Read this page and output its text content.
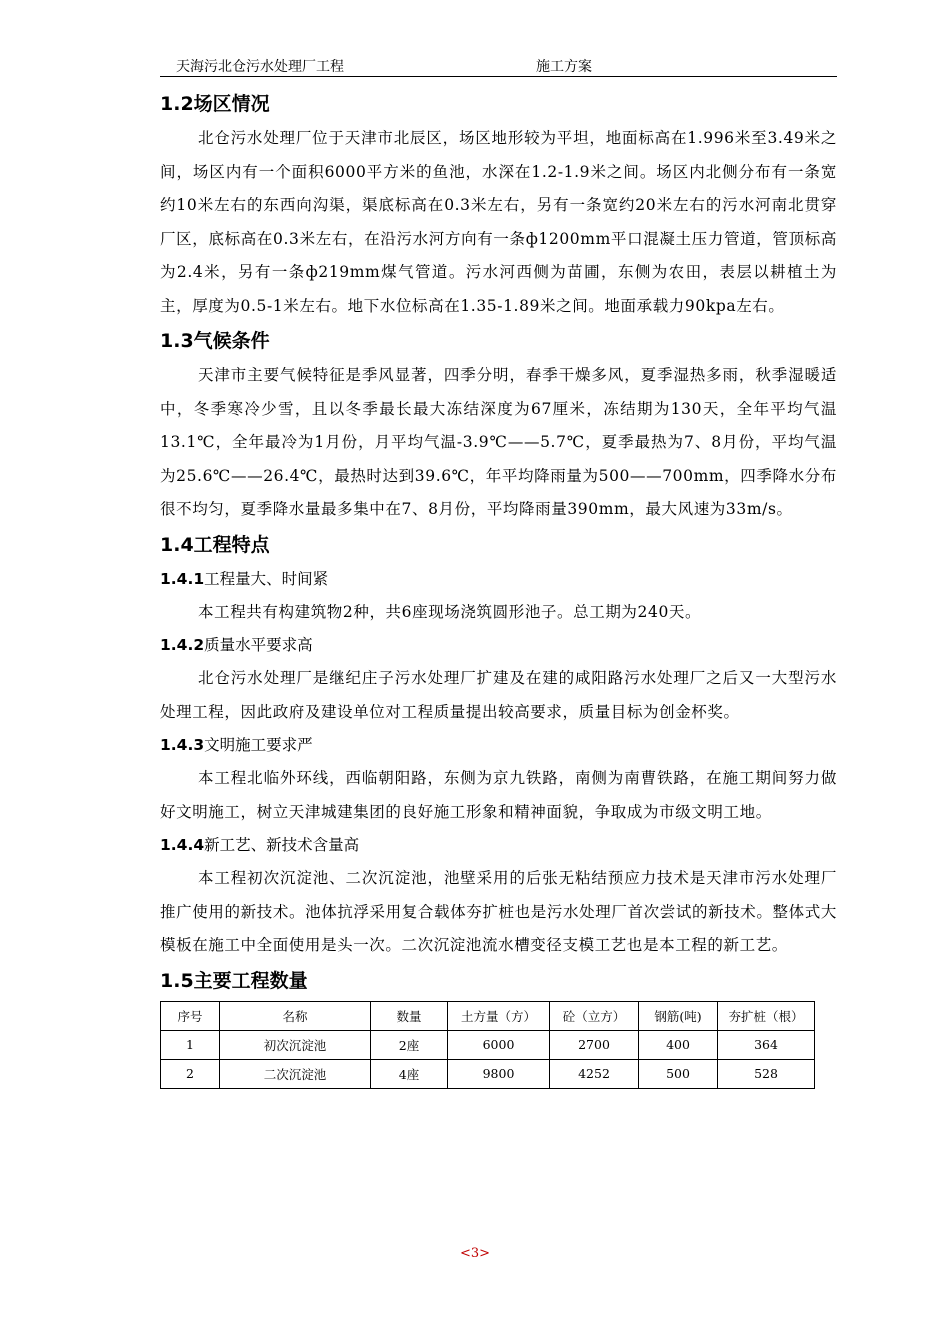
天海污北仓污水处理厂工程	施工方案
1.2场区情况

北仓污水处理厂位于天津市北辰区，场区地形较为平坦，地面标高在1.996米至3.49米之间，场区内有一个面积6000平方米的鱼池，水深在1.2-1.9米之间。场区内北侧分布有一条宽约10米左右的东西向沟渠，渠底标高在0.3米左右，另有一条宽约20米左右的污水河南北贯穿厂区，底标高在0.3米左右，在沿污水河方向有一条ф1200mm平口混凝土压力管道，管顶标高为2.4米，另有一条ф219mm煤气管道。污水河西侧为苗圃，东侧为农田，表层以耕植土为主，厚度为0.5-1米左右。地下水位标高在1.35-1.89米之间。地面承载力90kpa左右。

1.3气候条件

天津市主要气候特征是季风显著，四季分明，春季干燥多风，夏季湿热多雨，秋季湿暖适中，冬季寒冷少雪，且以冬季最长最大冻结深度为67厘米，冻结期为130天，全年平均气温13.1℃，全年最冷为1月份，月平均气温-3.9℃——5.7℃，夏季最热为7、8月份，平均气温为25.6℃——26.4℃，最热时达到39.6℃，年平均降雨量为500——700mm，四季降水分布很不均匀，夏季降水量最多集中在7、8月份，平均降雨量390mm，最大风速为33m/s。

1.4工程特点
1.4.1工程量大、时间紧

本工程共有构建筑物2种，共6座现场浇筑圆形池子。总工期为240天。

1.4.2质量水平要求高

北仓污水处理厂是继纪庄子污水处理厂扩建及在建的咸阳路污水处理厂之后又一大型污水处理工程，因此政府及建设单位对工程质量提出较高要求，质量目标为创金杯奖。

1.4.3文明施工要求严

本工程北临外环线，西临朝阳路，东侧为京九铁路，南侧为南曹铁路，在施工期间努力做好文明施工，树立天津城建集团的良好施工形象和精神面貌，争取成为市级文明工地。

1.4.4新工艺、新技术含量高

本工程初次沉淀池、二次沉淀池，池壁采用的后张无粘结预应力技术是天津市污水处理厂推广使用的新技术。池体抗浮采用复合载体夯扩桩也是污水处理厂首次尝试的新技术。整体式大模板在施工中全面使用是头一次。二次沉淀池流水槽变径支模工艺也是本工程的新工艺。

1.5主要工程数量
序号	名称	数量	土方量（方）	砼（立方）	钢筋(吨)	夯扩桩（根）
1	初次沉淀池	2座	6000	2700	400	364
2	二次沉淀池	4座	9800	4252	500	528
<3>
